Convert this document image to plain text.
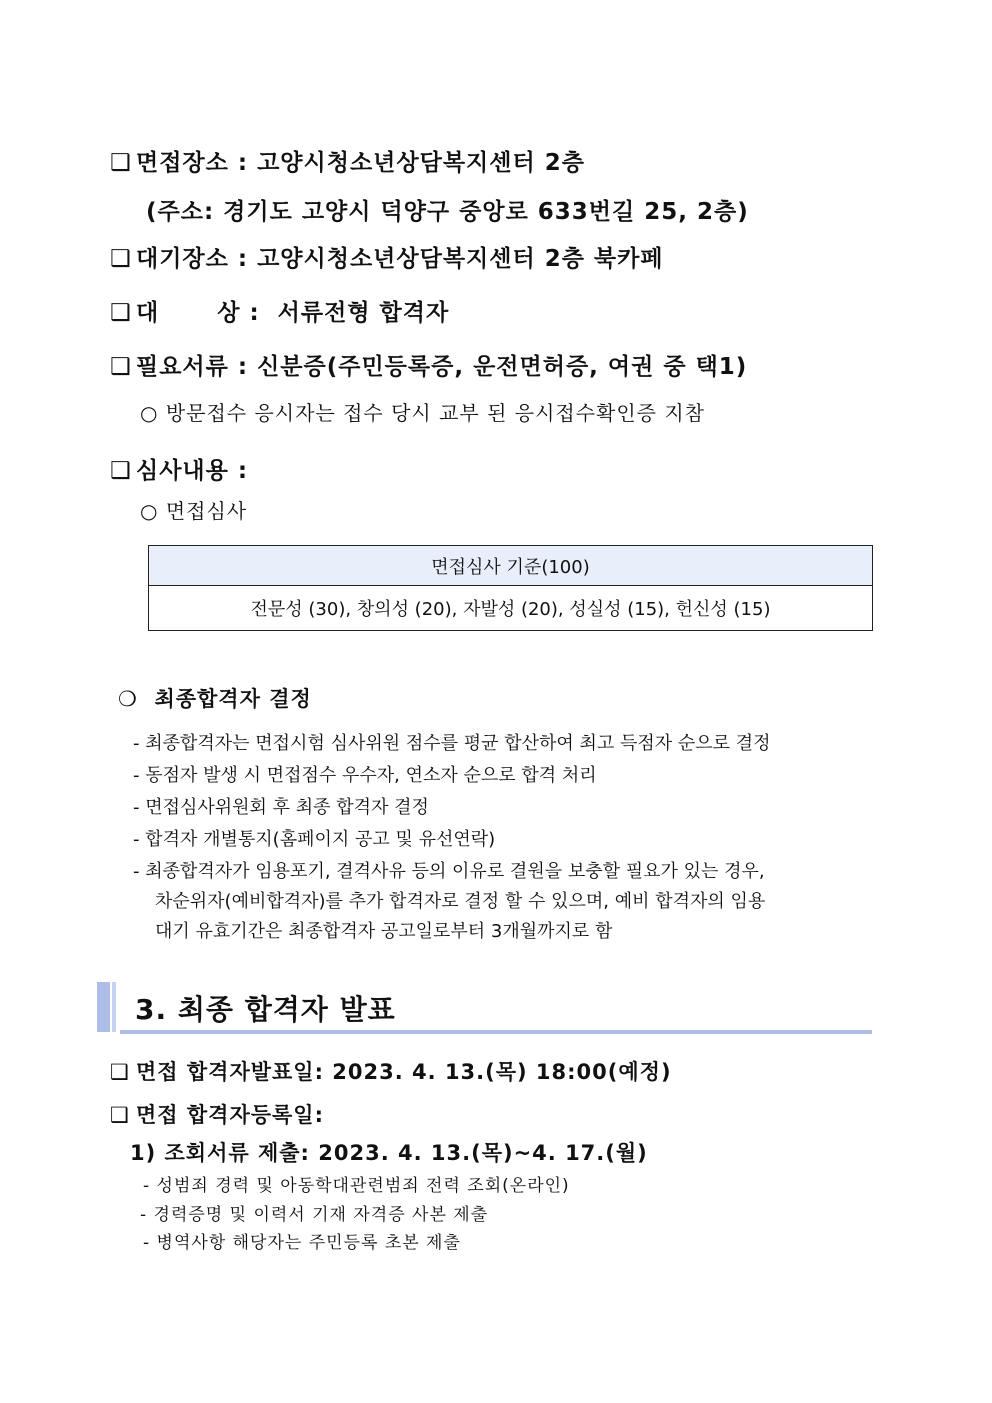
❑ 면접장소 : 고양시청소년상담복지센터 2층
(주소: 경기도 고양시 덕양구 중앙로 633번길 25, 2층)
❑ 대기장소 : 고양시청소년상담복지센터 2층 북카페
❑ 대	상 : 서류전형 합격자
❑ 필요서류 : 신분증(주민등록증, 운전면허증, 여권 중 택1)
○ 방문접수 응시자는 접수 당시 교부 된 응시접수확인증 지참
❑ 심사내용 :
○ 면접심사
면접심사 기준(100)
전문성 (30), 창의성 (20), 자발성 (20), 성실성 (15), 헌신성 (15)
❍ 최종합격자 결정
- 최종합격자는 면접시험 심사위원 점수를 평균 합산하여 최고 득점자 순으로 결정
- 동점자 발생 시 면접점수 우수자, 연소자 순으로 합격 처리
- 면접심사위원회 후 최종 합격자 결정
- 합격자 개별통지(홈페이지 공고 및 유선연락)
- 최종합격자가 임용포기, 결격사유 등의 이유로 결원을 보충할 필요가 있는 경우,
차순위자(예비합격자)를 추가 합격자로 결정 할 수 있으며, 예비 합격자의 임용
대기 유효기간은 최종합격자 공고일로부터 3개월까지로 함
3. 최종 합격자 발표
❑ 면접 합격자발표일: 2023. 4. 13.(목) 18:00(예정)
❑ 면접 합격자등록일:
1) 조회서류 제출: 2023. 4. 13.(목)~4. 17.(월)
- 성범죄 경력 및 아동학대관련범죄 전력 조회(온라인)
- 경력증명 및 이력서 기재 자격증 사본 제출
- 병역사항 해당자는 주민등록 초본 제출
